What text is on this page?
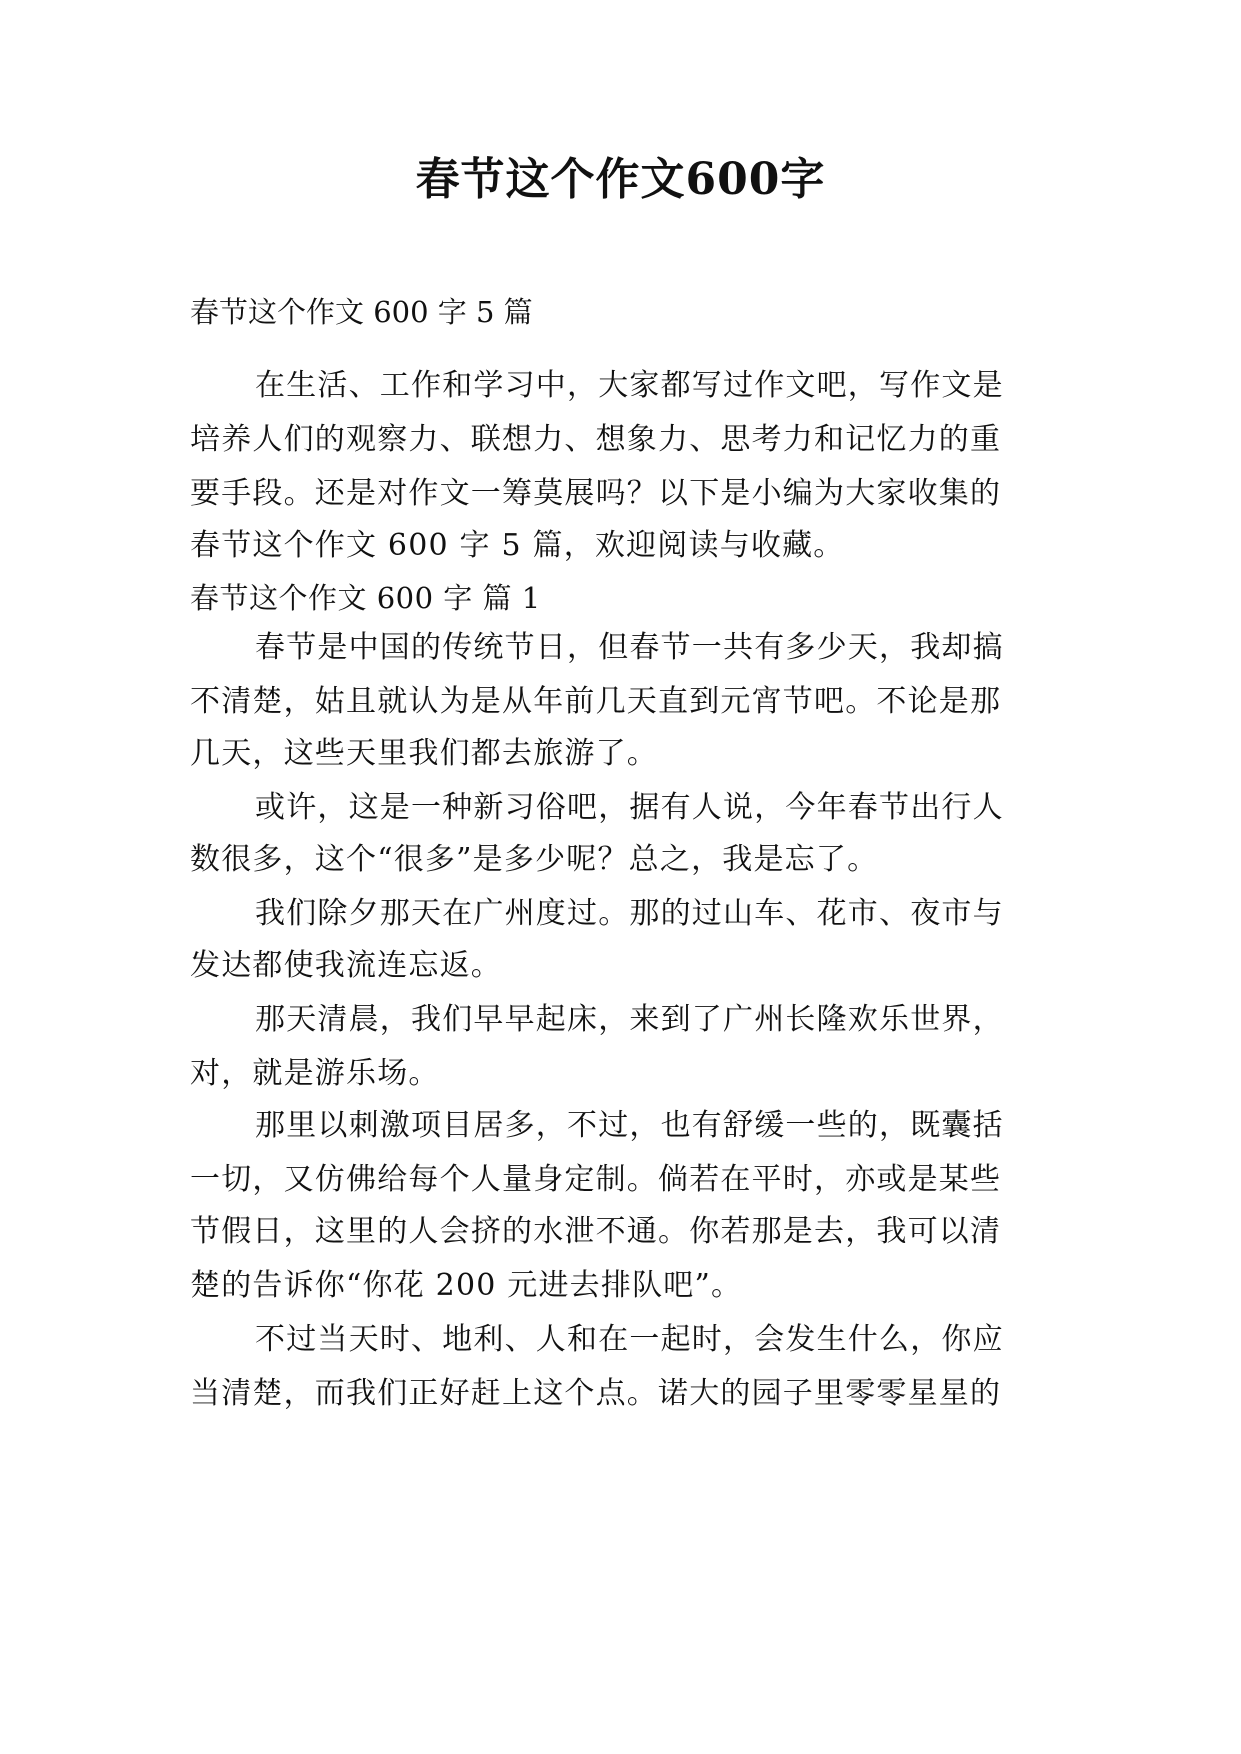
春节这个作文600字

春节这个作文 600 字 5 篇

在生活、工作和学习中，大家都写过作文吧，写作文是

培养人们的观察力、联想力、想象力、思考力和记忆力的重

要手段。还是对作文一筹莫展吗？以下是小编为大家收集的

春节这个作文 600 字 5 篇，欢迎阅读与收藏。

春节这个作文 600 字 篇 1

春节是中国的传统节日，但春节一共有多少天，我却搞

不清楚，姑且就认为是从年前几天直到元宵节吧。不论是那

几天，这些天里我们都去旅游了。

或许，这是一种新习俗吧，据有人说，今年春节出行人

数很多，这个“很多”是多少呢？总之，我是忘了。

我们除夕那天在广州度过。那的过山车、花市、夜市与

发达都使我流连忘返。

那天清晨，我们早早起床，来到了广州长隆欢乐世界，

对，就是游乐场。

那里以刺激项目居多，不过，也有舒缓一些的，既囊括

一切，又仿佛给每个人量身定制。倘若在平时，亦或是某些

节假日，这里的人会挤的水泄不通。你若那是去，我可以清

楚的告诉你“你花 200 元进去排队吧”。

不过当天时、地利、人和在一起时，会发生什么，你应

当清楚，而我们正好赶上这个点。诺大的园子里零零星星的
